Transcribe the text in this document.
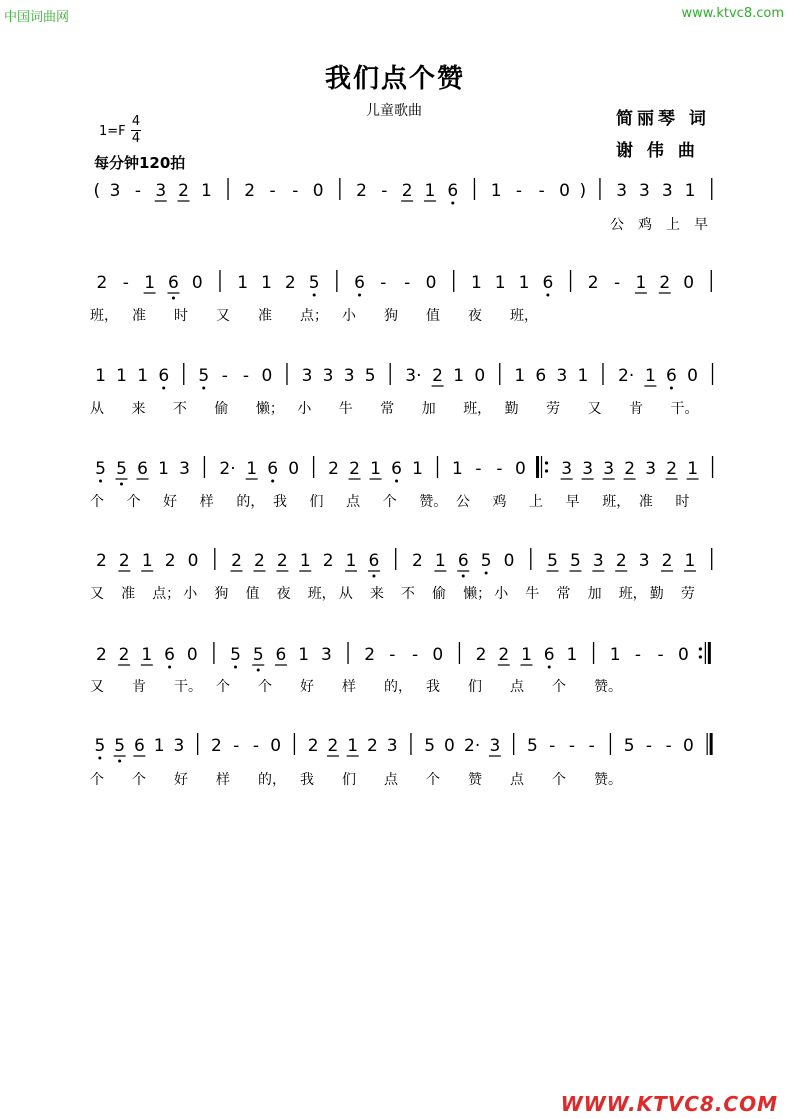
中国词曲网	www.ktvc8.com
我们点个赞
儿童歌曲
1=F
4
4
每分钟120拍
简丽琴 词
谢 伟 曲
( 3 - 3 2 1 2 - - 0 2 - 2 1 6 1 - - 0 ) 3 3 3 1
公 鸡 上 早
2 - 1 6 0 1 1 2 5 6 - - 0 1 1 1 6 2 - 1 2 0
班， 准 时 又 准 点； 小 狗 值 夜 班，
1 1 1 6 5 - - 0 3 3 3 5 3· 2 1 0 1 6 3 1 2· 1 6 0
从 来 不 偷 懒； 小 牛 常 加 班， 勤 劳 又 肯 干。
5 5 6 1 3 2· 1 6 0 2 2 1 6 1 1 - - 0 3 3 3 2 3 2 1
个 个 好 样 的， 我 们 点 个 赞。 公 鸡 上 早 班， 准 时
2 2 1 2 0 2 2 2 1 2 1 6 2 1 6 5 0 5 5 3 2 3 2 1
又 准 点； 小 狗 值 夜 班， 从 来 不 偷 懒； 小 牛 常 加 班， 勤 劳
2 2 1 6 0 5 5 6 1 3 2 - - 0 2 2 1 6 1 1 - - 0
又 肯 干。 个 个 好 样 的， 我 们 点 个 赞。
5 5 6 1 3 2 - - 0 2 2 1 2 3 5 0 2· 3 5 - - - 5 - - 0
个 个 好 样 的， 我 们 点 个 赞 点 个 赞。
WWW.KTVC8.COM
